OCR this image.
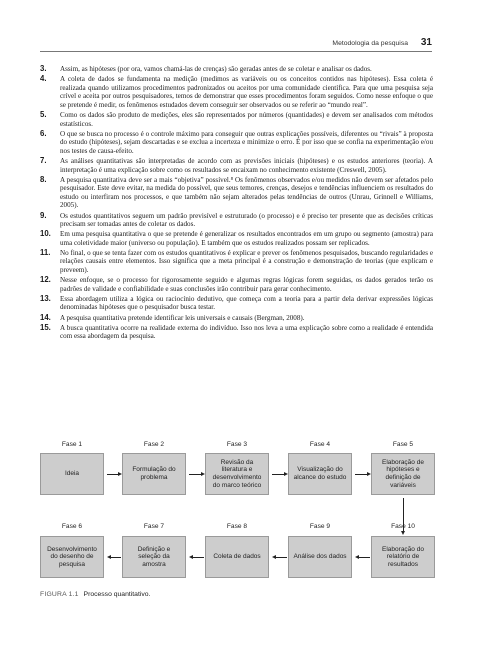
Metodologia da pesquisa 31
3. Assim, as hipóteses (por ora, vamos chamá-las de crenças) são geradas antes de se coletar e analisar os dados.
4. A coleta de dados se fundamenta na medição (medimos as variáveis ou os conceitos contidos nas hipóteses). Essa coleta é realizada quando utilizamos procedimentos padronizados ou aceitos por uma comunidade científica. Para que uma pesquisa seja crível e aceita por outros pesquisadores, temos de demonstrar que esses procedimentos foram seguidos. Como nesse enfoque o que se pretende é medir, os fenômenos estudados devem conseguir ser observados ou se referir ao “mundo real”.
5. Como os dados são produto de medições, eles são representados por números (quantidades) e devem ser analisados com métodos estatísticos.
6. O que se busca no processo é o controle máximo para conseguir que outras explicações possíveis, diferentes ou “rivais” à proposta do estudo (hipóteses), sejam descartadas e se exclua a incerteza e minimize o erro. É por isso que se confia na experimentação e/ou nos testes de causa-efeito.
7. As análises quantitativas são interpretadas de acordo com as previsões iniciais (hipóteses) e os estudos anteriores (teoria). A interpretação é uma explicação sobre como os resultados se encaixam no conhecimento existente (Creswell, 2005).
8. A pesquisa quantitativa deve ser a mais “objetiva” possível.⁸ Os fenômenos observados e/ou medidos não devem ser afetados pelo pesquisador. Este deve evitar, na medida do possível, que seus temores, crenças, desejos e tendências influenciem os resultados do estudo ou interfiram nos processos, e que também não sejam alterados pelas tendências de outros (Unrau, Grinnell e Williams, 2005).
9. Os estudos quantitativos seguem um padrão previsível e estruturado (o processo) e é preciso ter presente que as decisões críticas precisam ser tomadas antes de coletar os dados.
10. Em uma pesquisa quantitativa o que se pretende é generalizar os resultados encontrados em um grupo ou segmento (amostra) para uma coletividade maior (universo ou população). E também que os estudos realizados possam ser replicados.
11. No final, o que se tenta fazer com os estudos quantitativos é explicar e prever os fenômenos pesquisados, buscando regularidades e relações causais entre elementos. Isso significa que a meta principal é a construção e demonstração de teorias (que explicam e preveem).
12. Nesse enfoque, se o processo for rigorosamente seguido e algumas regras lógicas forem seguidas, os dados gerados terão os padrões de validade e confiabilidade e suas conclusões irão contribuir para gerar conhecimento.
13. Essa abordagem utiliza a lógica ou raciocínio dedutivo, que começa com a teoria para a partir dela derivar expressões lógicas denominadas hipóteses que o pesquisador busca testar.
14. A pesquisa quantitativa pretende identificar leis universais e causais (Bergman, 2008).
15. A busca quantitativa ocorre na realidade externa do indivíduo. Isso nos leva a uma explicação sobre como a realidade é entendida com essa abordagem da pesquisa.
Fase 1
Ideia
Fase 2
Formulação do problema
Fase 3
Revisão da literatura e desenvolvimento do marco teórico
Fase 4
Visualização do alcance do estudo
Fase 5
Elaboração de hipóteses e definição de variáveis
Fase 10
Elaboração do relatório de resultados
Fase 9
Análise dos dados
Fase 8
Coleta de dados
Fase 7
Definição e seleção da amostra
Fase 6
Desenvolvimento do desenho de pesquisa
FIGURA 1.1 Processo quantitativo.
